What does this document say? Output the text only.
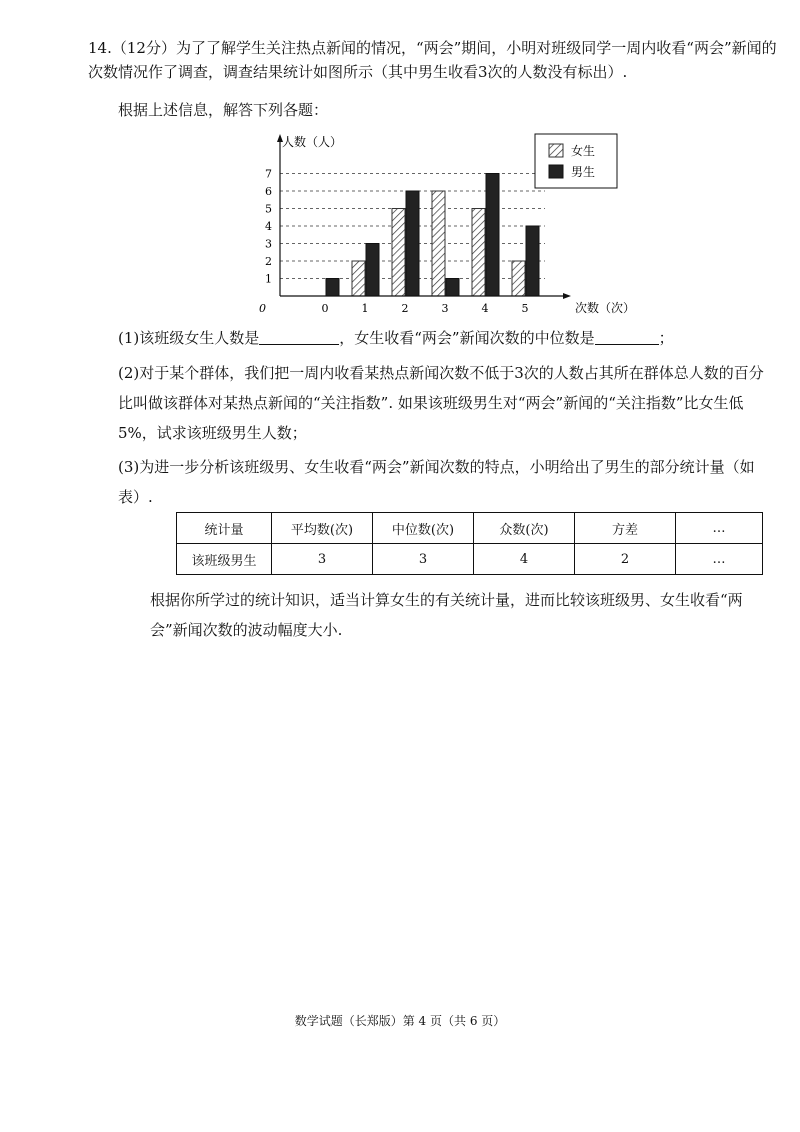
14.（12分）为了了解学生关注热点新闻的情况，“两会”期间，小明对班级同学一周内收看“两会”新闻的次数情况作了调查，调查结果统计如图所示（其中男生收看3次的人数没有标出）.
根据上述信息，解答下列各题：
0	1	2	3	4	5
1
2
3
4
5
6
7
0
人数（人）
次数（次）
女生
男生
(1)该班级女生人数是	，女生收看“两会”新闻次数的中位数是	；
(2)对于某个群体，我们把一周内收看某热点新闻次数不低于3次的人数占其所在群体总人数的百分比叫做该群体对某热点新闻的“关注指数”. 如果该班级男生对“两会”新闻的“关注指数”比女生低5%，试求该班级男生人数；
(3)为进一步分析该班级男、女生收看“两会”新闻次数的特点，小明给出了男生的部分统计量（如表）.
统计量	平均数(次)	中位数(次)	众数(次)	方差	…
该班级男生	3	3	4	2	…
根据你所学过的统计知识，适当计算女生的有关统计量，进而比较该班级男、女生收看“两会”新闻次数的波动幅度大小.
数学试题（长郑版）第 4 页（共 6 页）
